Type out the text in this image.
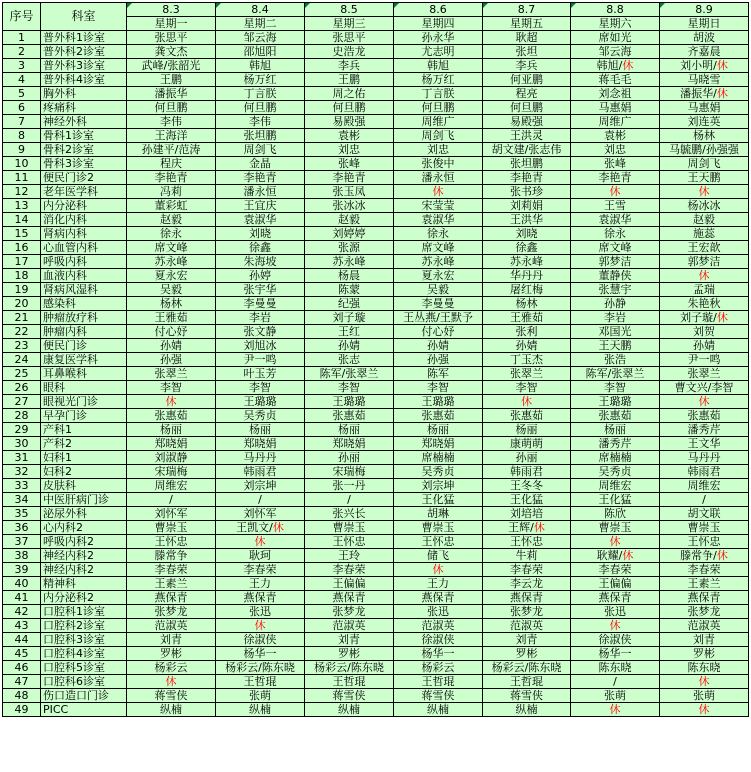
序号	科室	8.3	8.4	8.5	8.6	8.7	8.8	8.9

		星期一	星期二	星期三	星期四	星期五	星期六	星期日
1	普外科1诊室	张思平	邹云海	张思平	孙永华	耿超	席如光	胡波
2	普外科2诊室	龚文杰	邵旭阳	史浩龙	尤志明	张坦	邹云海	齐嘉晨
3	普外科3诊室	武峰/张韶光	韩旭	李兵	韩旭	李兵	韩旭/休	刘小明/休
4	普外科4诊室	王鹏	杨万红	王鹏	杨万红	何亚鹏	蒋毛毛	马晓雪
5	胸外科	潘振华	丁言朕	周之佑	丁言朕	程亮	刘念祖	潘振华/休
6	疼痛科	何旦鹏	何旦鹏	何旦鹏	何旦鹏	何旦鹏	马惠娟	马惠娟
7	神经外科	李伟	李伟	易殿强	周维广	易殿强	周维广	刘连英
8	骨科1诊室	王海洋	张坦鹏	袁彬	周剑飞	王洪灵	袁彬	杨林
9	骨科2诊室	孙建平/范涛	周剑飞	刘忠	刘忠	胡文建/张志伟	刘忠	马毓鹏/孙强强
10	骨科3诊室	程庆	金晶	张峰	张俊中	张坦鹏	张峰	周剑飞
11	便民门诊2	李艳青	李艳青	李艳青	潘永恒	李艳青	李艳青	王天鹏
12	老年医学科	冯莉	潘永恒	张玉凤	休	张书珍	休	休
13	内分泌科	董彩虹	王宜庆	张冰冰	宋莹莹	刘莉娟	王雪	杨冰冰
14	消化内科	赵毅	袁淑华	赵毅	袁淑华	王洪华	袁淑华	赵毅
15	肾病内科	徐永	刘晓	刘婷婷	徐永	刘晓	徐永	施蕊
16	心血管内科	席文峰	徐鑫	张源	席文峰	徐鑫	席文峰	王宏歆
17	呼吸内科	苏永峰	朱海坡	苏永峰	苏永峰	苏永峰	郭梦洁	郭梦洁
18	血液内科	夏永宏	孙婷	杨晨	夏永宏	华丹丹	董静侠	休
19	肾病风湿科	吴毅	张宇华	陈蒙	吴毅	屠红梅	张慧宇	孟瑞
20	感染科	杨林	李曼曼	纪强	李曼曼	杨林	孙静	朱艳秋
21	肿瘤放疗科	王雅茹	李岩	刘子璇	王丛燕/王默予	王雅茹	李岩	刘子璇/休
22	肿瘤内科	付心妤	张文静	王红	付心妤	张利	邓国光	刘贺
23	便民门诊	孙婧	刘旭冰	孙婧	孙婧	孙婧	王天鹏	孙婧
24	康复医学科	孙强	尹一鸣	张志	孙强	丁玉杰	张浩	尹一鸣
25	耳鼻喉科	张翠兰	叶玉芳	陈军/张翠兰	陈军	张翠兰	陈军/张翠兰	张翠兰
26	眼科	李智	李智	李智	李智	李智	李智	曹文兴/李智
27	眼视光门诊	休	王璐璐	王璐璐	王璐璐	休	王璐璐	休
28	早孕门诊	张惠茹	吴秀贞	张惠茹	张惠茹	张惠茹	张惠茹	张惠茹
29	产科1	杨丽	杨丽	杨丽	杨丽	杨丽	杨丽	潘秀芹
30	产科2	郑晓娟	郑晓娟	郑晓娟	郑晓娟	康萌萌	潘秀芹	王文华
31	妇科1	刘淑静	马丹丹	孙丽	席楠楠	孙丽	席楠楠	马丹丹
32	妇科2	宋瑞梅	韩雨君	宋瑞梅	吴秀贞	韩雨君	吴秀贞	韩雨君
33	皮肤科	周维宏	刘宗坤	张一丹	刘宗坤	王冬冬	周维宏	周维宏
34	中医肝病门诊	/	/	/	王化猛	王化猛	王化猛	/
35	泌尿外科	刘怀军	刘怀军	张兴长	胡琳	刘培培	陈欣	胡文联
36	心内科2	曹崇玉	王凯文/休	曹崇玉	曹崇玉	王辉/休	曹崇玉	曹崇玉
37	呼吸内科2	王怀忠	休	王怀忠	王怀忠	王怀忠	休	王怀忠
38	神经内科2	滕常争	耿珂	王玲	储飞	牛莉	耿耀/休	滕常争/休
39	神经内科2	李春荣	李春荣	李春荣	休	李春荣	李春荣	李春荣
40	精神科	王素兰	王力	王偏偏	王力	李云龙	王偏偏	王素兰
41	内分泌科2	燕保青	燕保青	燕保青	燕保青	燕保青	燕保青	燕保青
42	口腔科1诊室	张梦龙	张迅	张梦龙	张迅	张梦龙	张迅	张梦龙
43	口腔科2诊室	范淑英	休	范淑英	范淑英	范淑英	休	范淑英
44	口腔科3诊室	刘青	徐淑侠	刘青	徐淑侠	刘青	徐淑侠	刘青
45	口腔科4诊室	罗彬	杨华一	罗彬	杨华一	罗彬	杨华一	罗彬
46	口腔科5诊室	杨彩云	杨彩云/陈东晓	杨彩云/陈东晓	杨彩云	杨彩云/陈东晓	陈东晓	陈东晓
47	口腔科6诊室	休	王哲琨	王哲琨	王哲琨	王哲琨	/	休
48	伤口造口门诊	蒋雪侠	张萌	蒋雪侠	蒋雪侠	蒋雪侠	张萌	张萌
49	PICC	纵楠	纵楠	纵楠	纵楠	纵楠	休	休
